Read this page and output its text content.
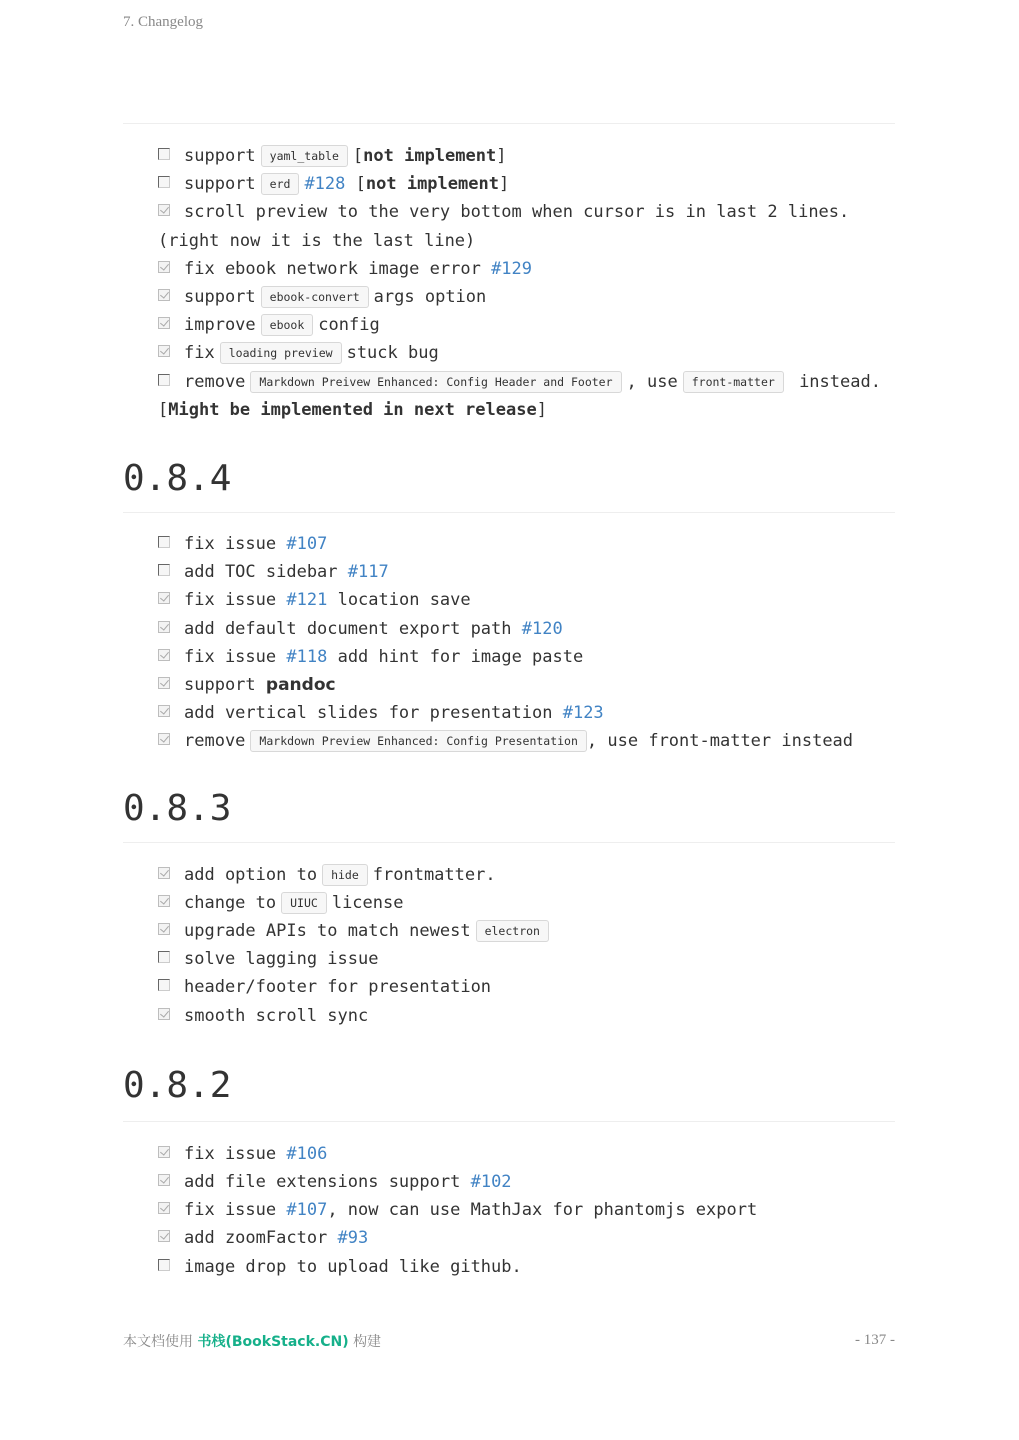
7. Changelog
support yaml_table [not implement]
support erd #128 [not implement]
scroll preview to the very bottom when cursor is in last 2 lines. (right now it is the last line)
fix ebook network image error #129
support ebook-convert args option
improve ebook config
fix loading preview stuck bug
remove Markdown Preivew Enhanced: Config Header and Footer , use front-matter instead. [Might be implemented in next release]
0.8.4
fix issue #107
add TOC sidebar #117
fix issue #121 location save
add default document export path #120
fix issue #118 add hint for image paste
support pandoc
add vertical slides for presentation #123
remove Markdown Preview Enhanced: Config Presentation , use front-matter instead
0.8.3
add option to hide frontmatter.
change to UIUC license
upgrade APIs to match newest electron
solve lagging issue
header/footer for presentation
smooth scroll sync
0.8.2
fix issue #106
add file extensions support #102
fix issue #107, now can use MathJax for phantomjs export
add zoomFactor #93
image drop to upload like github.
本文档使用 书栈(BookStack.CN) 构建	- 137 -
